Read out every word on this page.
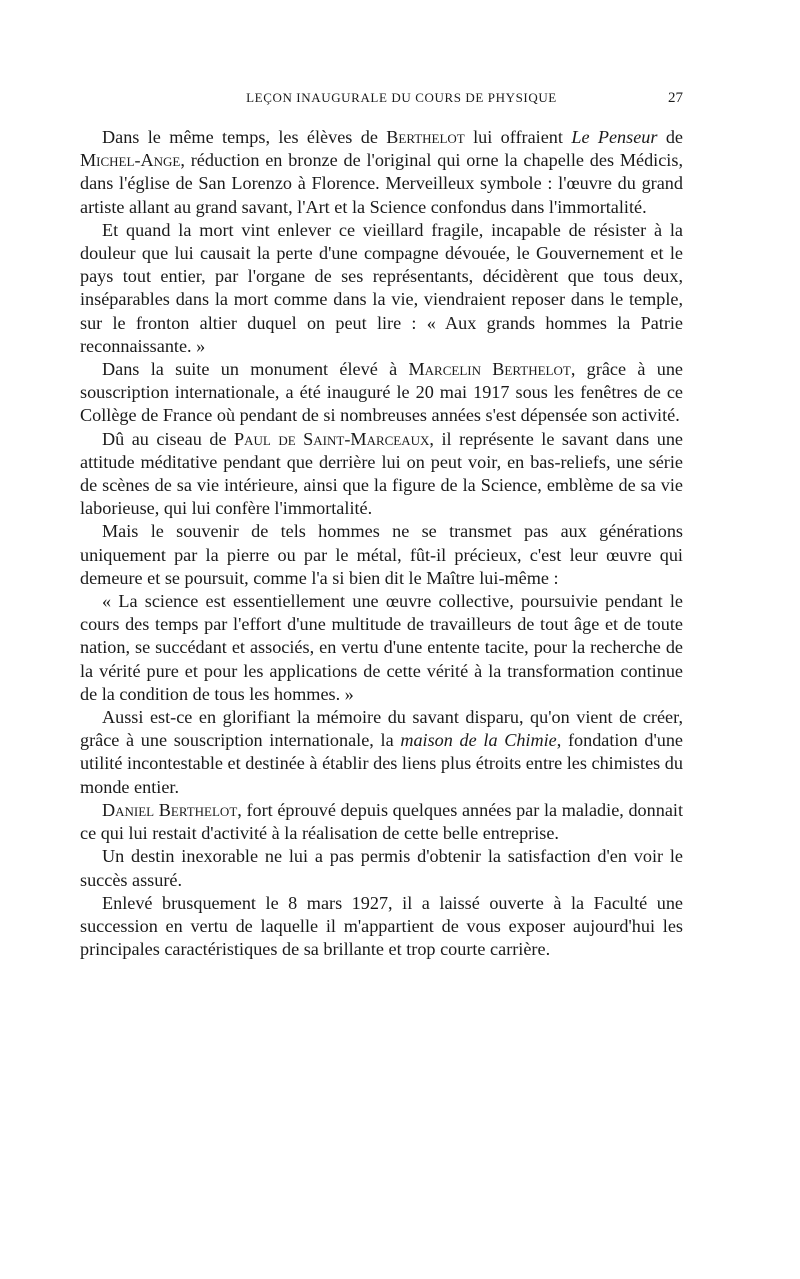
LEÇON INAUGURALE DU COURS DE PHYSIQUE	27

Dans le même temps, les élèves de Berthelot lui offraient Le Penseur de Michel-Ange, réduction en bronze de l'original qui orne la chapelle des Médicis, dans l'église de San Lorenzo à Florence. Merveilleux symbole : l'œuvre du grand artiste allant au grand savant, l'Art et la Science confondus dans l'immortalité.

Et quand la mort vint enlever ce vieillard fragile, incapable de résister à la douleur que lui causait la perte d'une compagne dévouée, le Gouvernement et le pays tout entier, par l'organe de ses représentants, décidèrent que tous deux, inséparables dans la mort comme dans la vie, viendraient reposer dans le temple, sur le fronton altier duquel on peut lire : « Aux grands hommes la Patrie reconnaissante. »

Dans la suite un monument élevé à Marcelin Berthelot, grâce à une souscription internationale, a été inauguré le 20 mai 1917 sous les fenêtres de ce Collège de France où pendant de si nombreuses années s'est dépensée son activité.

Dû au ciseau de Paul de Saint-Marceaux, il représente le savant dans une attitude méditative pendant que derrière lui on peut voir, en bas-reliefs, une série de scènes de sa vie intérieure, ainsi que la figure de la Science, emblème de sa vie laborieuse, qui lui confère l'immortalité.

Mais le souvenir de tels hommes ne se transmet pas aux générations uniquement par la pierre ou par le métal, fût-il précieux, c'est leur œuvre qui demeure et se poursuit, comme l'a si bien dit le Maître lui-même :

« La science est essentiellement une œuvre collective, poursuivie pendant le cours des temps par l'effort d'une multitude de travailleurs de tout âge et de toute nation, se succédant et associés, en vertu d'une entente tacite, pour la recherche de la vérité pure et pour les applications de cette vérité à la transformation continue de la condition de tous les hommes. »

Aussi est-ce en glorifiant la mémoire du savant disparu, qu'on vient de créer, grâce à une souscription internationale, la maison de la Chimie, fondation d'une utilité incontestable et destinée à établir des liens plus étroits entre les chimistes du monde entier.

Daniel Berthelot, fort éprouvé depuis quelques années par la maladie, donnait ce qui lui restait d'activité à la réalisation de cette belle entreprise.

Un destin inexorable ne lui a pas permis d'obtenir la satisfaction d'en voir le succès assuré.

Enlevé brusquement le 8 mars 1927, il a laissé ouverte à la Faculté une succession en vertu de laquelle il m'appartient de vous exposer aujourd'hui les principales caractéristiques de sa brillante et trop courte carrière.
